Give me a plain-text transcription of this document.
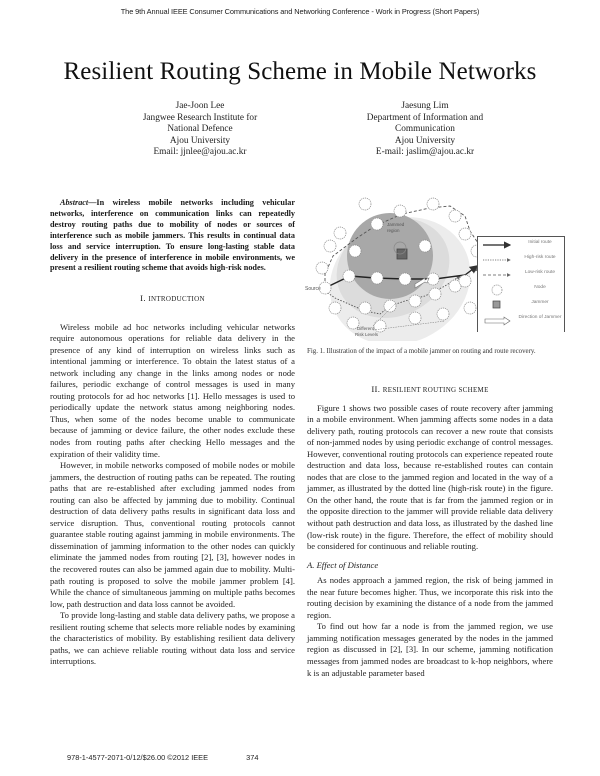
The 9th Annual IEEE Consumer Communications and Networking Conference - Work in Progress (Short Papers)
Resilient Routing Scheme in Mobile Networks
Jae-Joon Lee
Jangwee Research Institute for
National Defence
Ajou University
Email: jjnlee@ajou.ac.kr
Jaesung Lim
Department of Information and
Communication
Ajou University
E-mail: jaslim@ajou.ac.kr
Abstract—In wireless mobile networks including vehicular networks, interference on communication links can repeatedly destroy routing paths due to mobility of nodes or sources of interference such as mobile jammers. This results in continual data loss and service interruption. To ensure long-lasting stable data delivery in the presence of interference in mobile environments, we present a resilient routing scheme that avoids high-risk nodes.
I. INTRODUCTION

Wireless mobile ad hoc networks including vehicular networks require autonomous operations for reliable data delivery in the presence of any kind of interruption on wireless links such as intentional jamming or interference. To obtain the latest status of a network including any change in the links among nodes or node failures, periodic exchange of control messages is used in many routing protocols for ad hoc networks [1]. Hello messages is used to periodically update the network status among neighboring nodes. Thus, when some of the nodes become unable to communicate because of jamming or device failure, the other nodes exclude these nodes from routing paths after checking Hello messages and the expiration of their validity time.

However, in mobile networks composed of mobile nodes or mobile jammers, the destruction of routing paths can be repeated. The routing paths that are re-established after excluding jammed nodes from routing can also be affected by jamming due to mobility. Continual destruction of data delivery paths results in significant data loss and service disruption. Thus, conventional routing protocols cannot guarantee stable routing against jamming in mobile environments. The dissemination of jamming information to the other nodes can quickly eliminate the jammed nodes from routing [2], [3], however nodes in the recovered routes can also be jammed again due to mobility. Multi-path routing is proposed to solve the mobile jammer problem [4]. While the chance of simultaneous jamming on multiple paths becomes low, path destruction and data loss cannot be avoided.

To provide long-lasting and stable data delivery paths, we propose a resilient routing scheme that selects more reliable nodes by examining the characteristics of mobility. By establishing resilient data delivery paths, we can achieve reliable routing without data loss and service interruptions.

Jammed
region
Source
Different
Risk Levels
Initial route
High-risk route
Low-risk route
Node
Jammer
Direction of Jammer
Fig. 1. Illustration of the impact of a mobile jammer on routing and route recovery.
II. RESILIENT ROUTING SCHEME

Figure 1 shows two possible cases of route recovery after jamming in a mobile environment. When jamming affects some nodes in a data delivery path, routing protocols can recover a new route that consists of non-jammed nodes by using periodic exchange of control messages. However, conventional routing protocols can experience repeated route destruction and data loss, because re-established routes can contain nodes that are close to the jammed region and located in the way of a jammer, as illustrated by the dotted line (high-risk route) in the figure. On the other hand, the route that is far from the jammed region or in the opposite direction to the jammer will provide reliable data delivery without path destruction and data loss, as illustrated by the dashed line (low-risk route) in the figure. Therefore, the effect of mobility should be considered for continuous and reliable routing.

A. Effect of Distance

As nodes approach a jammed region, the risk of being jammed in the near future becomes higher. Thus, we incorporate this risk into the routing decision by examining the distance of a node from the jammed region.

To find out how far a node is from the jammed region, we use jamming notification messages generated by the nodes in the jammed region as discussed in [2], [3]. In our scheme, jamming notification messages from jammed nodes are broadcast to k-hop neighbors, where k is an adjustable parameter based

978-1-4577-2071-0/12/$26.00 ©2012 IEEE	374
